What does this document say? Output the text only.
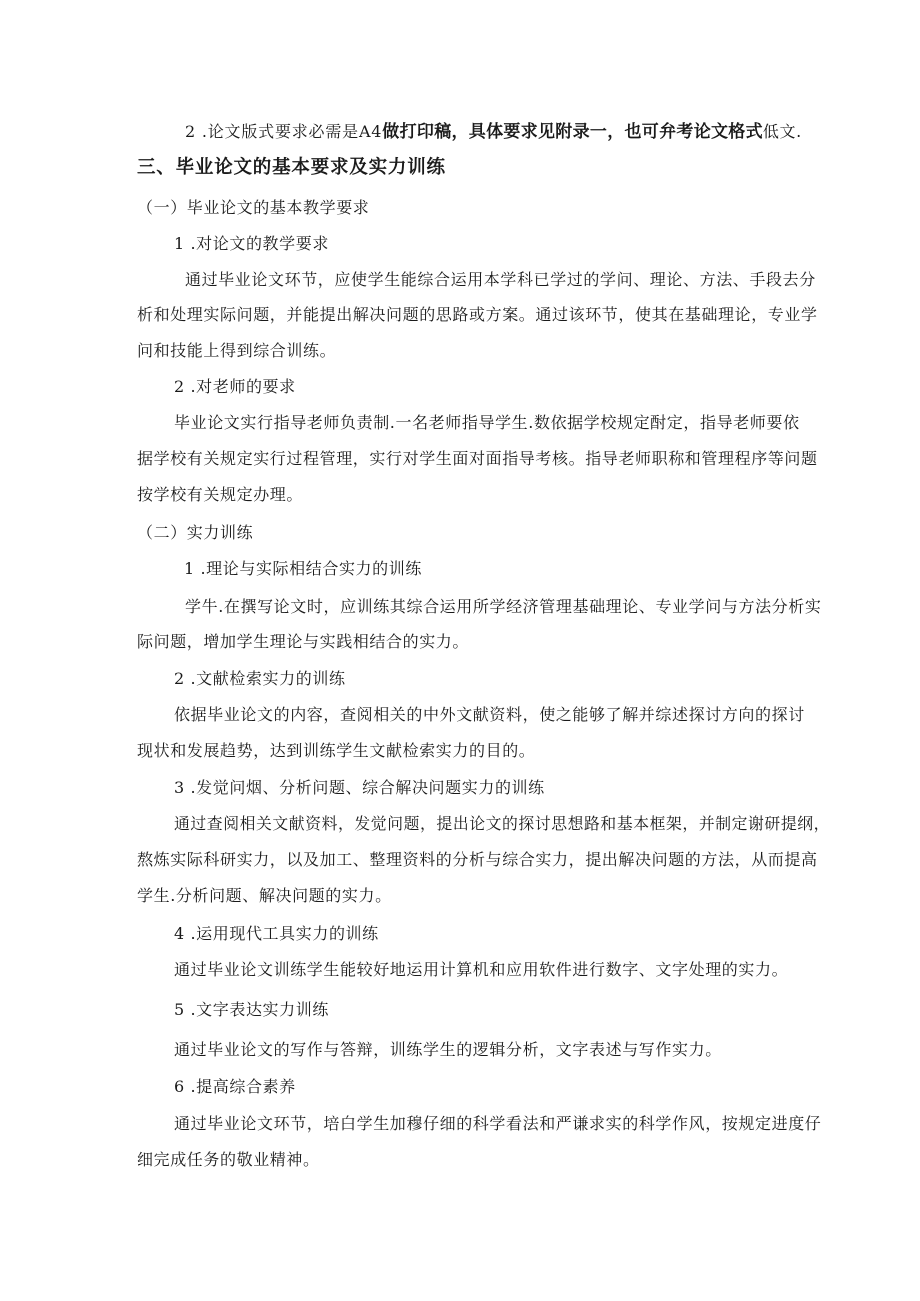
2 .论文版式要求必需是A4做打印稿，具体要求见附录一，也可弁考论文格式低文.
三、毕业论文的基本要求及实力训练
（一）毕业论文的基本教学要求
1 .对论文的教学要求
通过毕业论文环节，应使学生能综合运用本学科已学过的学问、理论、方法、手段去分
析和处理实际问题，并能提出解决问题的思路或方案。通过该环节，使其在基础理论，专业学
问和技能上得到综合训练。
2 .对老师的要求
毕业论文实行指导老师负责制.一名老师指导学生.数依据学校规定酎定，指导老师要依
据学校有关规定实行过程管理，实行对学生面对面指导考核。指导老师职称和管理程序等问题
按学校有关规定办理。
（二）实力训练
1 .理论与实际相结合实力的训练
学牛.在撰写论文时，应训练其综合运用所学经济管理基础理论、专业学问与方法分析实
际问题，增加学生理论与实践相结合的实力。
2 .文献检索实力的训练
依据毕业论文的内容，查阅相关的中外文献资料，使之能够了解并综述探讨方向的探讨
现状和发展趋势，达到训练学生文献检索实力的目的。
3 .发觉问烟、分析问题、综合解决问题实力的训练
通过查阅相关文献资料，发觉问题，提出论文的探讨思想路和基本框架，并制定谢研提纲，
熬炼实际科研实力，以及加工、整理资料的分析与综合实力，提出解决问题的方法，从而提高
学生.分析问题、解决问题的实力。
4 .运用现代工具实力的训练
通过毕业论文训练学生能较好地运用计算机和应用软件进行数字、文字处理的实力。
5 .文字表达实力训练
通过毕业论文的写作与答辩，训练学生的逻辑分析，文字表述与写作实力。
6 .提高综合素养
通过毕业论文环节，培白学生加穆仔细的科学看法和严谦求实的科学作风，按规定进度仔
细完成任务的敬业精神。
